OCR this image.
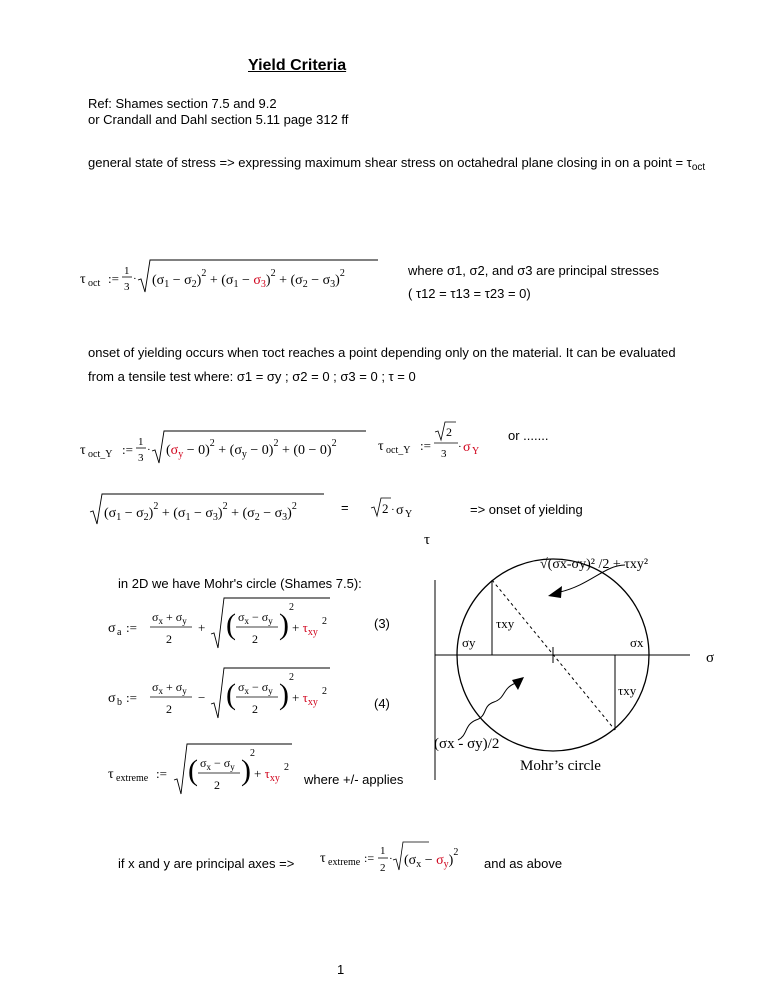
Yield Criteria
Ref: Shames section 7.5 and 9.2
or Crandall and Dahl section 5.11 page 312 ff
general state of stress => expressing maximum shear stress on octahedral plane closing in on a point = $\tau_{oct}$
τ oct := 1
3
· $(\sigma_1 - \sigma_2)^2 + (\sigma_1 - \sigma_3)^2 + (\sigma_2 - \sigma_3)^2$	where σ1, σ2, and σ3 are principal stresses
( τ12 = τ13 = τ23 = 0)
onset of yielding occurs when τoct reaches a point depending only on the material. It can be evaluated
from a tensile test where: σ1 = σy ; σ2 = 0 ; σ3 = 0 ; τ = 0
τ oct_Y := 1
3
· $(\sigma_y - 0)^2 + (\sigma_y - 0)^2 + (0 - 0)^2$	τ oct_Y :=
2
3
· σ Y
or .......
$(\sigma_1 - \sigma_2)^2 + (\sigma_1 - \sigma_3)^2 + (\sigma_2 - \sigma_3)^2$	=	2 · σ Y	=> onset of yielding
in 2D we have Mohr's circle (Shames 7.5):
σ a :=
$\sigma_x + \sigma_y$
2
+ ( $\sigma_x - \sigma_y$
2 )
2
+ $\tau_{xy}$
2	(3)
σ b :=
$\sigma_x + \sigma_y$
2
− ( $\sigma_x - \sigma_y$
2 )
2
+ $\tau_{xy}$
2
(4)
τ extreme := ( $\sigma_x - \sigma_y$
2 )
2
+ $\tau_{xy}$
2
where +/- applies
if x and y are principal axes => τ extreme := 1
2
· $(\sigma_x - \sigma_y)^2$
and as above
τ
σ
√(σx-σy)² /2 + τxy²
τxy
τxy
σy	σx
(σx - σy)/2
Mohr’s circle
1
